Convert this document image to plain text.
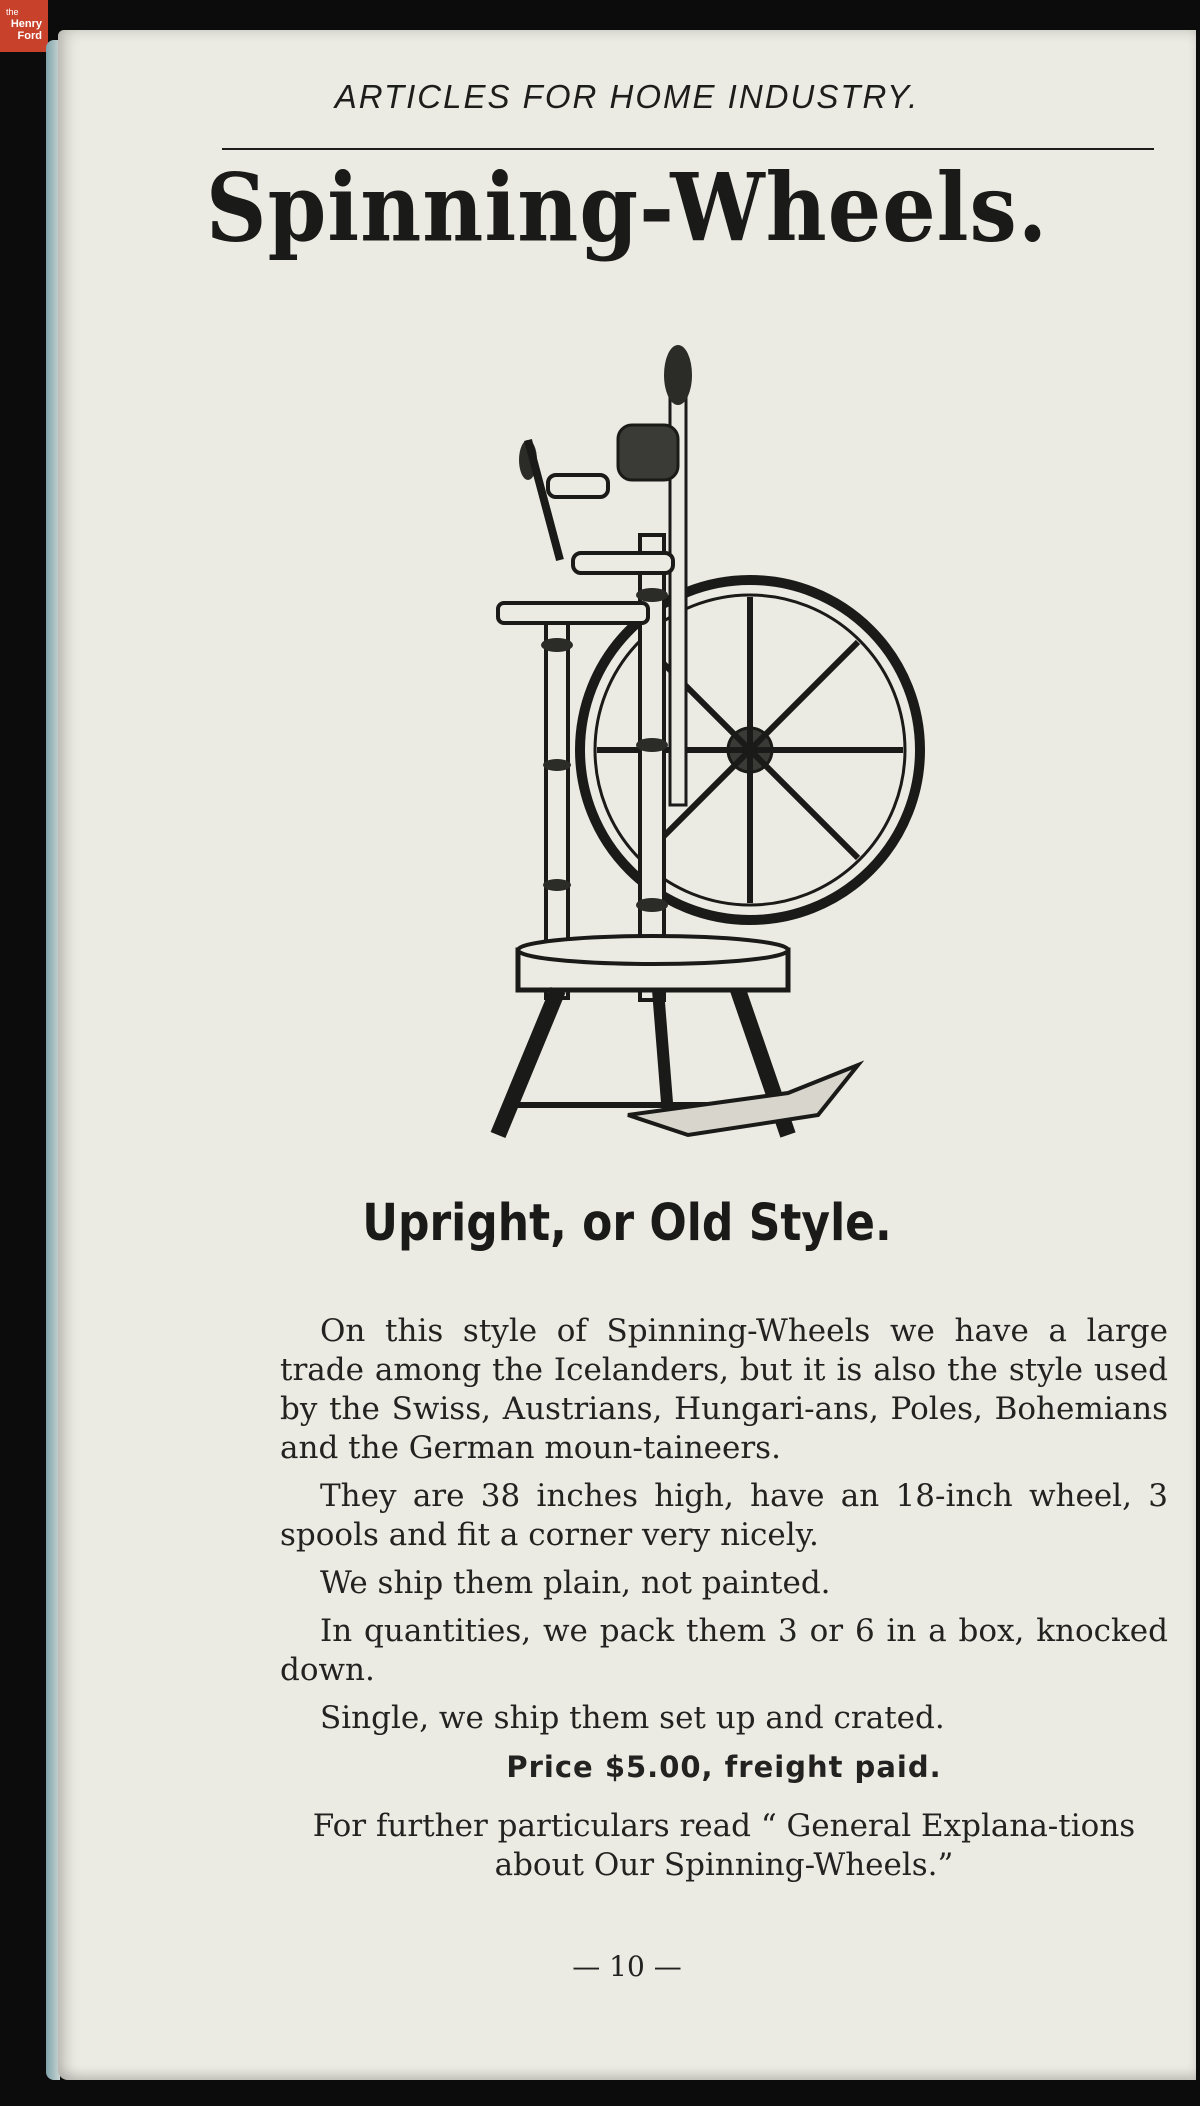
the
Henry
Ford
ARTICLES FOR HOME INDUSTRY.
Spinning-Wheels.
Upright, or Old Style.

On this style of Spinning-Wheels we have a large trade among the Icelanders, but it is also the style used by the Swiss, Austrians, Hungari-ans, Poles, Bohemians and the German moun-taineers.

They are 38 inches high, have an 18-inch wheel, 3 spools and fit a corner very nicely.

We ship them plain, not painted.

In quantities, we pack them 3 or 6 in a box, knocked down.

Single, we ship them set up and crated.

Price $5.00, freight paid.

For further particulars read “ General Explana-tions about Our Spinning-Wheels.”

— 10 —
